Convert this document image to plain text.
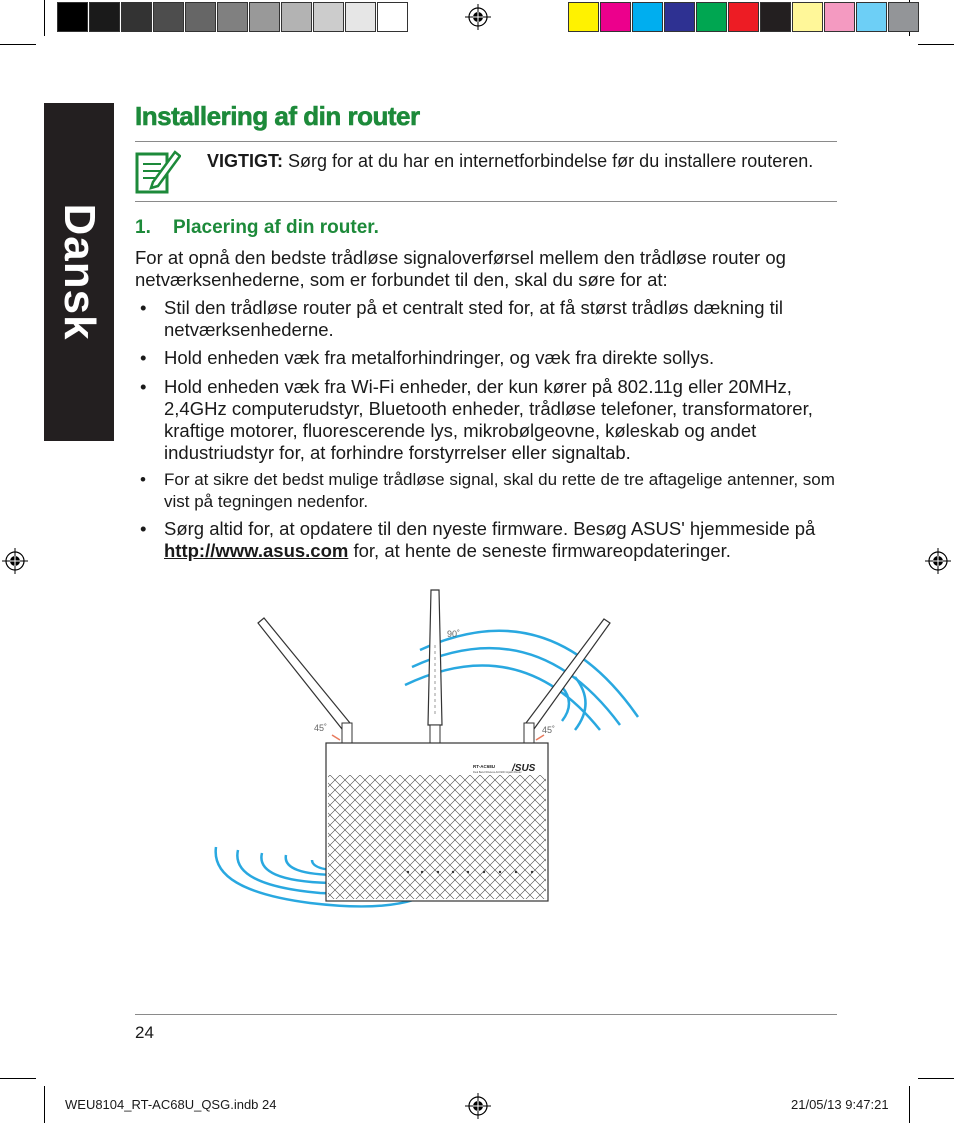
Dansk
Installering af din router
VIGTIGT: Sørg for at du har en internetforbindelse før du installere routeren.
1. Placering af din router.
For at opnå den bedste trådløse signaloverførsel mellem den trådløse router og netværksenhederne, som er forbundet til den, skal du søre for at:
• Stil den trådløse router på et centralt sted for, at få størst trådløs dækning til netværksenhederne.
• Hold enheden væk fra metalforhindringer, og væk fra direkte sollys.
• Hold enheden væk fra Wi-Fi enheder, der kun kører på 802.11g eller 20MHz, 2,4GHz computerudstyr, Bluetooth enheder, trådløse telefoner, transformatorer, kraftige motorer, fluorescerende lys, mikrobølgeovne, køleskab og andet industriudstyr for, at forhindre forstyrrelser eller signaltab.
• For at sikre det bedst mulige trådløse signal, skal du rette de tre aftagelige antenner, som vist på tegningen nedenfor.
• Sørg altid for, at opdatere til den nyeste firmware. Besøg ASUS' hjemmeside på http://www.asus.com for, at hente de seneste firmwareopdateringer.
90˚
45˚	45˚
RT-AC68U
Dual Band Wireless-AC1900 Gigabit Router
/SUS
24
WEU8104_RT-AC68U_QSG.indb 24	21/05/13 9:47:21
